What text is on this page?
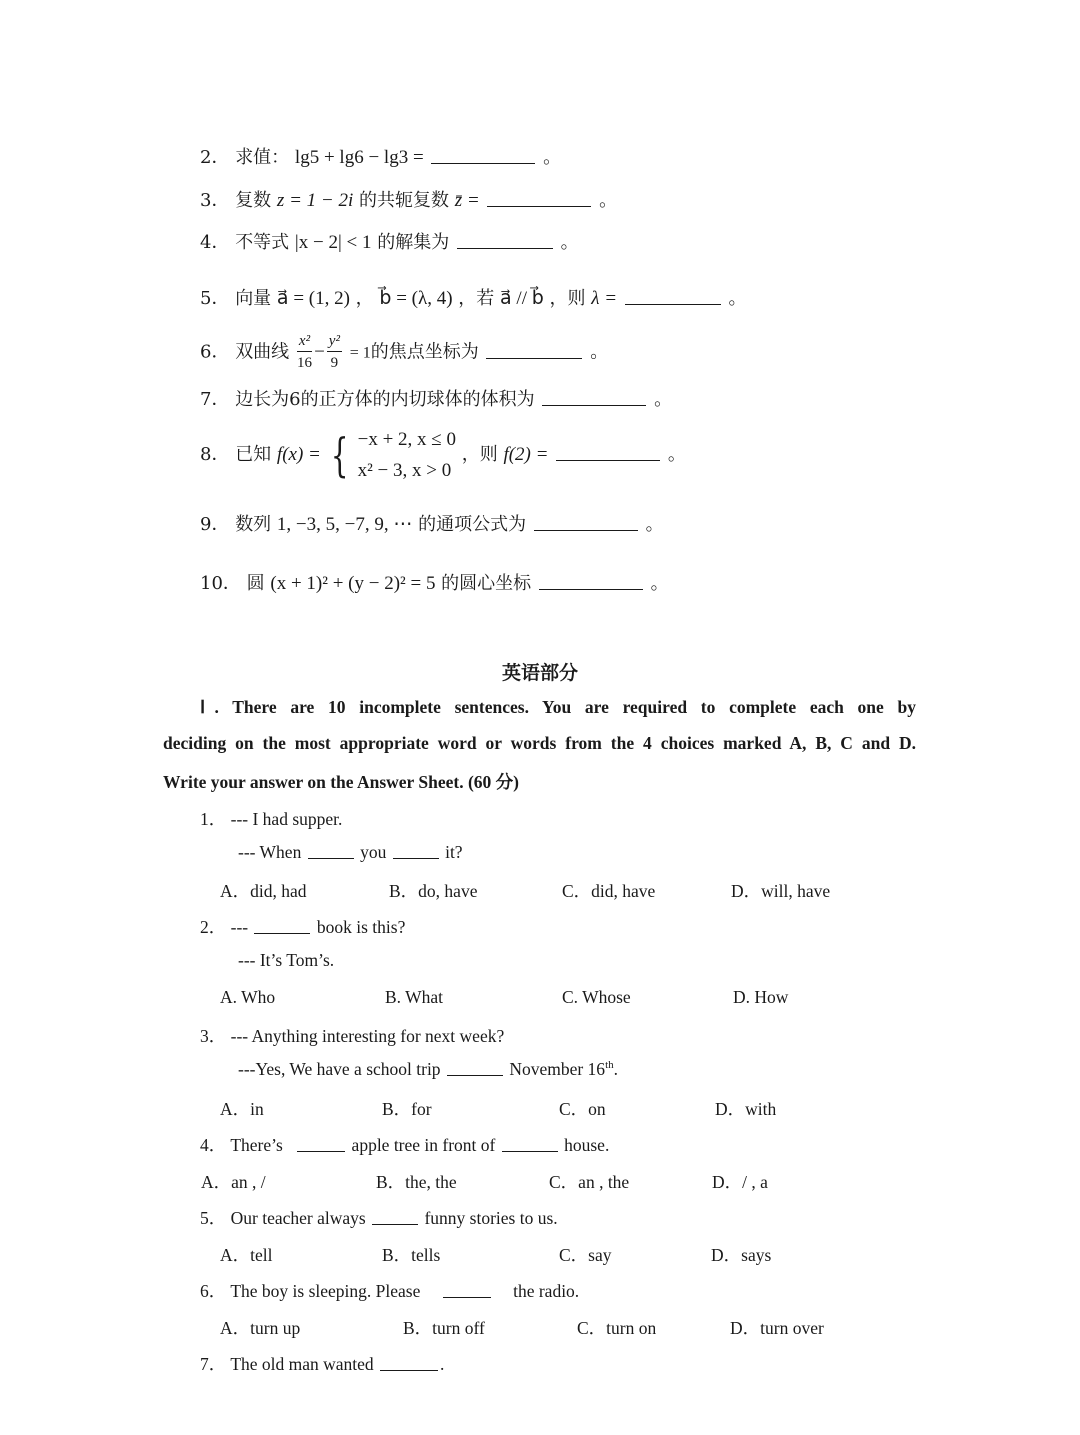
2． 求值： lg5 + lg6 − lg3 =	。
3． 复数 z = 1 − 2i 的共轭复数 z̄ =	。
4． 不等式 |x − 2| < 1 的解集为	。
5． 向量 a⃗ = (1, 2) ， b⃗ = (λ, 4) ，若 a⃗ // b⃗ ，则 λ =	。
6． 双曲线 $\frac{\text{x²}}{16} - \frac{\text{y²}}{9} = 1$的焦点坐标为	。
7． 边长为6的正方体的内切球体的体积为	。
8． 已知 f(x) = { −x + 2, x ≤ 0
x² − 3, x > 0
，则 f(2) =	。
9． 数列 1, −3, 5, −7, 9, ⋯ 的通项公式为	。
10． 圆 (x + 1)² + (y − 2)² = 5 的圆心坐标	。
英语部分
Ⅰ. There are 10 incomplete sentences. You are required to complete each one by
deciding on the most appropriate word or words from the 4 choices marked A, B, C and D.
Write your answer on the Answer Sheet. (60 分)
1． --- I had supper.
--- When	you	it?
A．did, had	B．do, have	C．did, have	D．will, have
2． ---	book is this?
--- It’s Tom’s.
A. Who	B. What	C. Whose	D. How
3． --- Anything interesting for next week?
---Yes, We have a school trip	November 16th.
A．in	B．for	C．on	D．with
4． There’s	apple tree in front of	house.
A．an , /	B．the, the	C．an , the	D．/ , a
5． Our teacher always	funny stories to us.
A．tell	B．tells	C．say	D．says
6． The boy is sleeping. Please	the radio.
A．turn up	B．turn off	C．turn on	D．turn over
7． The old man wanted	.
